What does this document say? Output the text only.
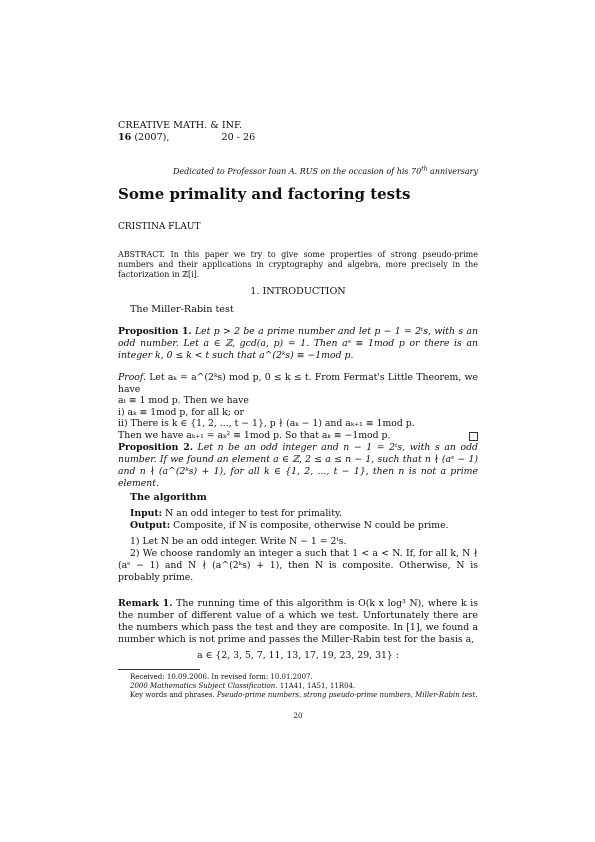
CREATIVE MATH. & INF.
16 (2007),	20 - 26
Dedicated to Professor Ioan A. RUS on the occasion of his 70th anniversary
Some primality and factoring tests
CRISTINA FLAUT
ABSTRACT. In this paper we try to give some properties of strong pseudo-prime numbers and their applications in cryptography and algebra, more precisely in the factorization in ℤ[i].
1. INTRODUCTION
The Miller-Rabin test
Proposition 1. Let p > 2 be a prime number and let p − 1 = 2ᵗs, with s an odd number. Let a ∈ ℤ, gcd(a, p) = 1. Then aˢ ≡ 1mod p or there is an integer k, 0 ≤ k < t such that a^(2ᵏs) ≡ −1mod p.
Proof. Let aₖ = a^(2ᵏs) mod p, 0 ≤ k ≤ t. From Fermat's Little Theorem, we have
aₜ ≡ 1 mod p. Then we have
i) aₖ ≡ 1mod p, for all k; or
ii) There is k ∈ {1, 2, ..., t − 1}, p ∤ (aₖ − 1) and aₖ₊₁ ≡ 1mod p.
Then we have aₖ₊₁ = aₖ² ≡ 1mod p. So that aₖ ≡ −1mod p.
Proposition 2. Let n be an odd integer and n − 1 = 2ᵗs, with s an odd number. If we found an element a ∈ ℤ, 2 ≤ a ≤ n − 1, such that n ∤ (aˢ − 1) and n ∤ (a^(2ᵏs) + 1), for all k ∈ {1, 2, ..., t − 1}, then n is not a prime element.
The algorithm
Input: N an odd integer to test for primality.
Output: Composite, if N is composite, otherwise N could be prime.
1) Let N be an odd integer. Write N − 1 = 2ᵗs.
2) We choose randomly an integer a such that 1 < a < N. If, for all k, N ∤ (aˢ − 1) and N ∤ (a^(2ᵏs) + 1), then N is composite. Otherwise, N is probably prime.
Remark 1. The running time of this algorithm is O(k x log³ N), where k is the number of different value of a which we test. Unfortunately there are the numbers which pass the test and they are composite. In [1], we found a number which is not prime and passes the Miller-Rabin test for the basis a,
a ∈ {2, 3, 5, 7, 11, 13, 17, 19, 23, 29, 31} :
Received: 10.09.2006. In revised form: 10.01.2007.
2000 Mathematics Subject Classification. 11A41, 1A51, 11R04.
Key words and phrases. Pseudo-prime numbers, strong pseudo-prime numbers, Miller-Rabin test.
20
